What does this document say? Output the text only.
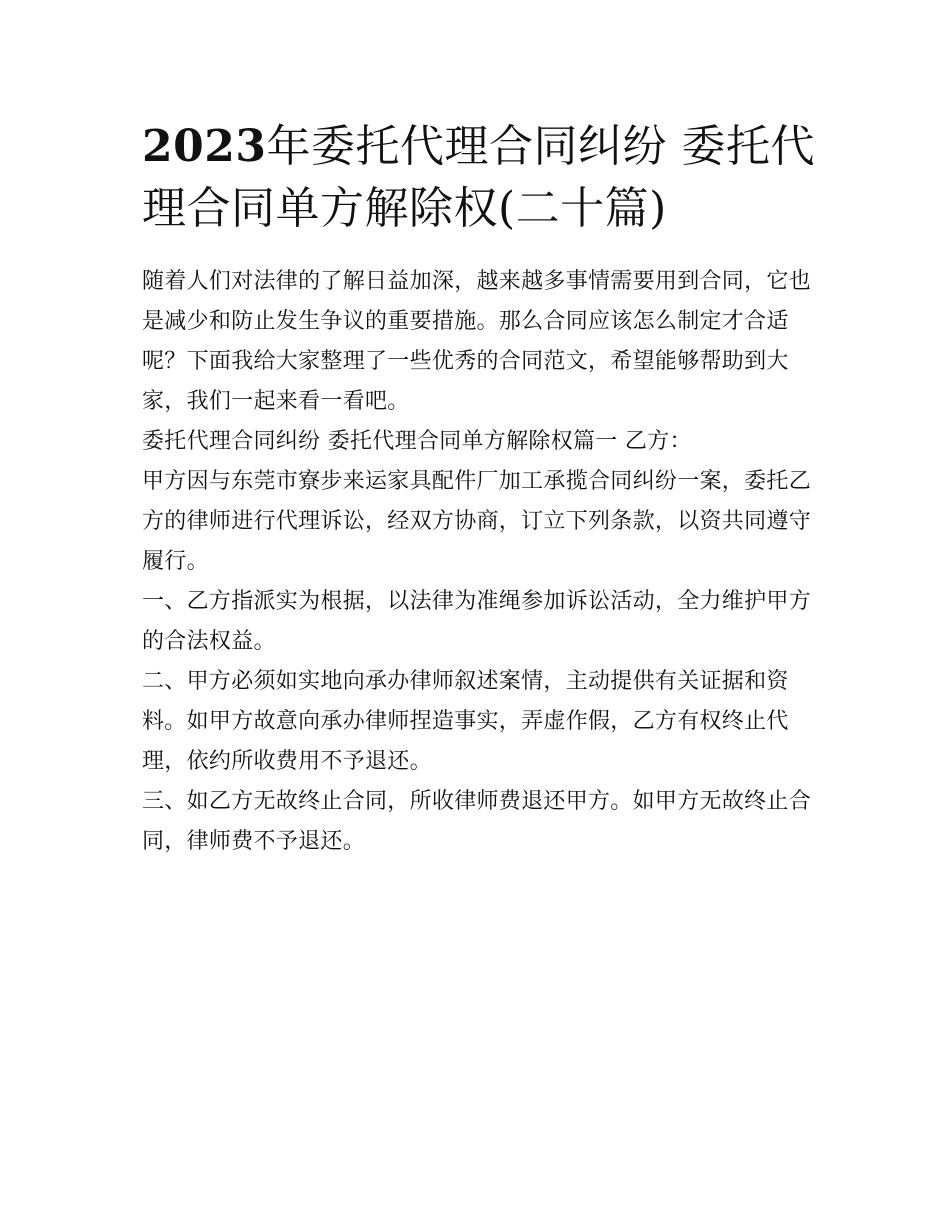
2023年委托代理合同纠纷 委托代理合同单方解除权(二十篇)

随着人们对法律的了解日益加深，越来越多事情需要用到合同，它也是减少和防止发生争议的重要措施。那么合同应该怎么制定才合适呢？下面我给大家整理了一些优秀的合同范文，希望能够帮助到大家，我们一起来看一看吧。

委托代理合同纠纷 委托代理合同单方解除权篇一 乙方：

甲方因与东莞市寮步来运家具配件厂加工承揽合同纠纷一案，委托乙方的律师进行代理诉讼，经双方协商，订立下列条款，以资共同遵守履行。

一、乙方指派实为根据，以法律为准绳参加诉讼活动，全力维护甲方的合法权益。

二、甲方必须如实地向承办律师叙述案情，主动提供有关证据和资料。如甲方故意向承办律师捏造事实，弄虚作假，乙方有权终止代理，依约所收费用不予退还。

三、如乙方无故终止合同，所收律师费退还甲方。如甲方无故终止合同，律师费不予退还。
